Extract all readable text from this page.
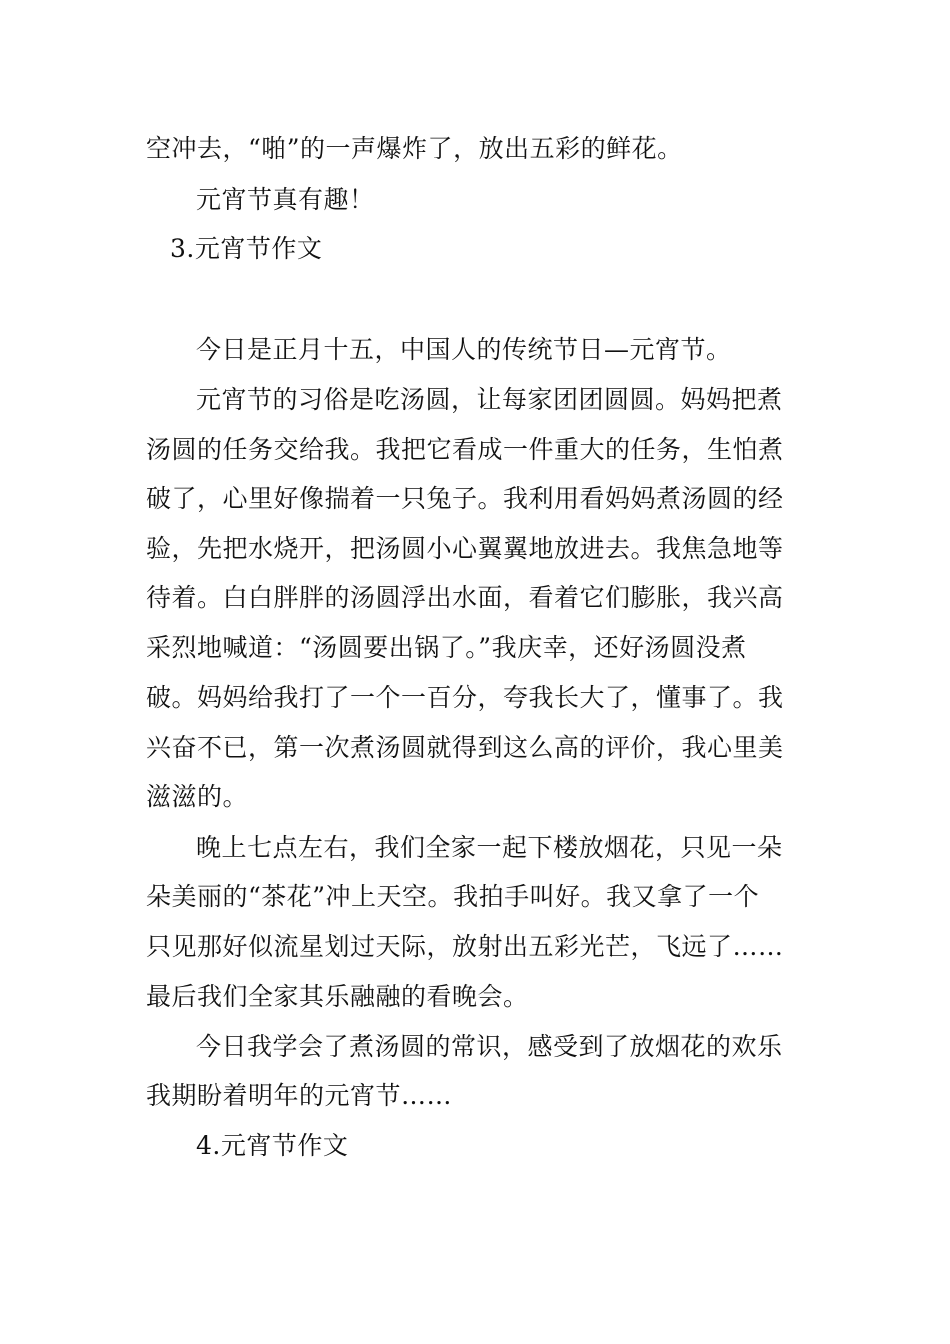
空冲去，“啪”的一声爆炸了，放出五彩的鲜花。
元宵节真有趣！
3.元宵节作文
今日是正月十五，中国人的传统节日—元宵节。
元宵节的习俗是吃汤圆，让每家团团圆圆。妈妈把煮
汤圆的任务交给我。我把它看成一件重大的任务，生怕煮
破了，心里好像揣着一只兔子。我利用看妈妈煮汤圆的经
验，先把水烧开，把汤圆小心翼翼地放进去。我焦急地等
待着。白白胖胖的汤圆浮出水面，看着它们膨胀，我兴高
采烈地喊道：“汤圆要出锅了。”我庆幸，还好汤圆没煮
破。妈妈给我打了一个一百分，夸我长大了，懂事了。我
兴奋不已，第一次煮汤圆就得到这么高的评价，我心里美
滋滋的。
晚上七点左右，我们全家一起下楼放烟花，只见一朵
朵美丽的“茶花”冲上天空。我拍手叫好。我又拿了一个
只见那好似流星划过天际，放射出五彩光芒，飞远了……
最后我们全家其乐融融的看晚会。
今日我学会了煮汤圆的常识，感受到了放烟花的欢乐
我期盼着明年的元宵节……
4.元宵节作文
